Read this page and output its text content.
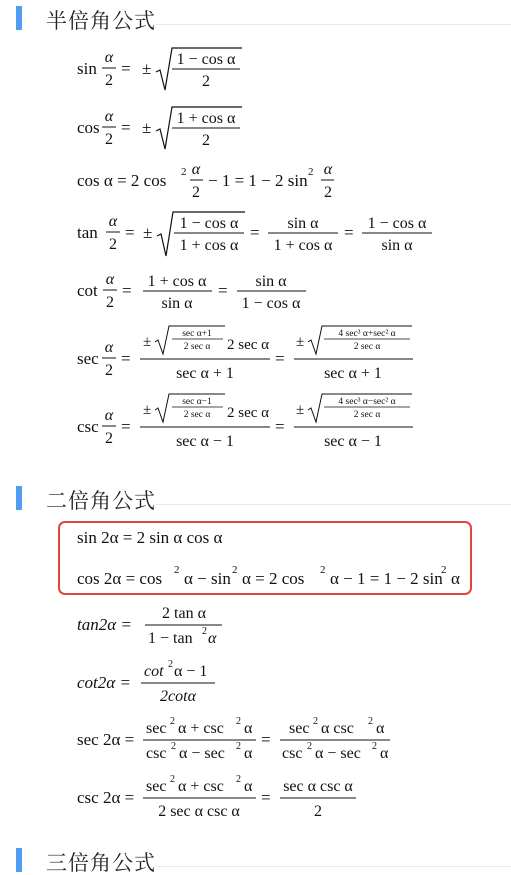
半倍角公式
sin
α
2
= ± 1 − cos α
2
cos
α
2
= ± 1 + cos α
2
cos α = 2 cos 2 α
2
− 1 = 1 − 2 sin 2 α
2
tan
α
2
= ± 1 − cos α
1 + cos α
= sin α
1 + cos α
= 1 − cos α
sin α
cot
α
2
= 1 + cos α
sin α
= sin α
1 − cos α
sec
α
2
=
±	sec α+1
2 sec α 2 sec α
sec α + 1
=
±	4 sec³ α+sec² α
2 sec α
sec α + 1
csc
α
2
=
±	sec α−1
2 sec α 2 sec α
sec α − 1
=
±	4 sec³ α−sec² α
2 sec α
sec α − 1
二倍角公式
sin 2α = 2 sin α cos α
cos 2α = cos 2 α − sin 2 α = 2 cos 2 α − 1 = 1 − 2 sin
2 α
tan2α =
2 tan α
1 − tan 2 α
cot2α =
cot 2 α − 1
2cotα
sec 2α =
sec 2 α + csc 2 α
csc 2 α − sec 2 α
=
sec 2 α csc 2 α
csc 2 α − sec 2 α
csc 2α =
sec 2 α + csc 2 α
2 sec α csc α
=
sec α csc α
2
三倍角公式
